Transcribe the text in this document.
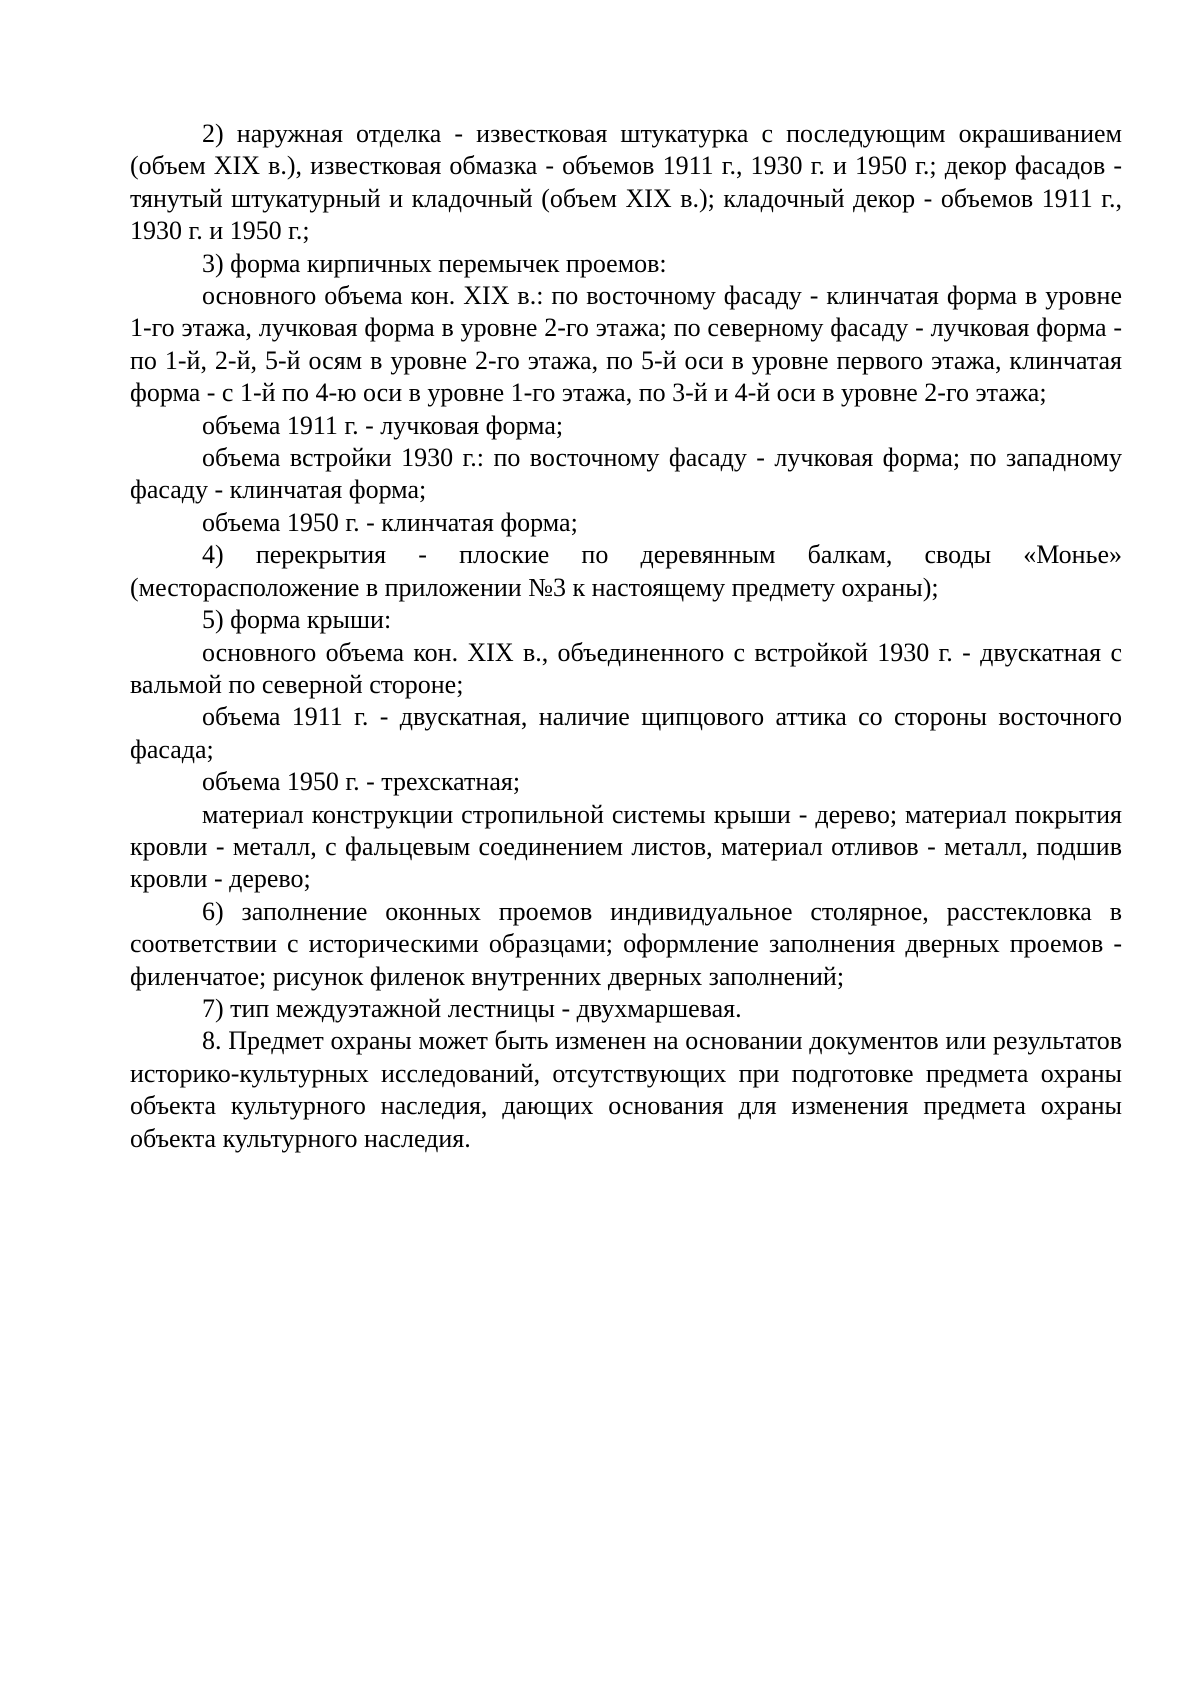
2) наружная отделка - известковая штукатурка с последующим окрашиванием (объем XIX в.), известковая обмазка - объемов 1911 г., 1930 г. и 1950 г.; декор фасадов - тянутый штукатурный и кладочный (объем XIX в.); кладочный декор - объемов 1911 г., 1930 г. и 1950 г.;

3) форма кирпичных перемычек проемов:

основного объема кон. XIX в.: по восточному фасаду - клинчатая форма в уровне 1-го этажа, лучковая форма в уровне 2-го этажа; по северному фасаду - лучковая форма - по 1-й, 2-й, 5-й осям в уровне 2-го этажа, по 5-й оси в уровне первого этажа, клинчатая форма - с 1-й по 4-ю оси в уровне 1-го этажа, по 3-й и 4-й оси в уровне 2-го этажа;

объема 1911 г. - лучковая форма;

объема встройки 1930 г.: по восточному фасаду - лучковая форма; по западному фасаду - клинчатая форма;

объема 1950 г. - клинчатая форма;

4) перекрытия - плоские по деревянным балкам, своды «Монье» (месторасположение в приложении №3 к настоящему предмету охраны);

5) форма крыши:

основного объема кон. XIX в., объединенного с встройкой 1930 г. - двускатная с вальмой по северной стороне;

объема 1911 г. - двускатная, наличие щипцового аттика со стороны восточного фасада;

объема 1950 г. - трехскатная;

материал конструкции стропильной системы крыши - дерево; материал покрытия кровли - металл, с фальцевым соединением листов, материал отливов - металл, подшив кровли - дерево;

6) заполнение оконных проемов индивидуальное столярное, расстекловка в соответствии с историческими образцами; оформление заполнения дверных проемов - филенчатое; рисунок филенок внутренних дверных заполнений;

7) тип междуэтажной лестницы - двухмаршевая.

8. Предмет охраны может быть изменен на основании документов или результатов историко-культурных исследований, отсутствующих при подготовке предмета охраны объекта культурного наследия, дающих основания для изменения предмета охраны объекта культурного наследия.
